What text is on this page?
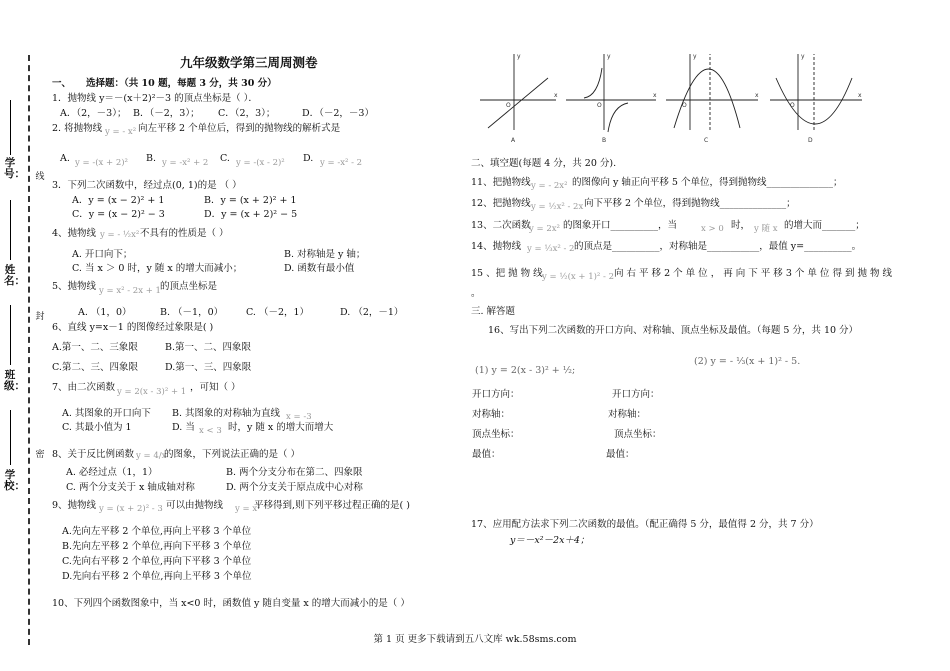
线
封
密
学号：
姓名：
班级：
学校：
九年级数学第三周周测卷
一、 选择题：（共 10 题，每题 3 分，共 30 分）
1．抛物线 y＝－(x＋2)²－3 的顶点坐标是（ ）．
A．（2，－3）； B．（－2，3）； C．（2，3）；	D．（－2，－3）
2. 将抛物线 y = - x² 向左平移 2 个单位后，得到的抛物线的解析式是
A. y = -(x + 2)² B. y = -x² + 2 C. y = -(x - 2)² D. y = -x² - 2
3．下列二次函数中，经过点(0, 1)的是 （ ）
A．y = (x − 2)² + 1	B．y = (x + 2)² + 1
C．y = (x − 2)² − 3	D．y = (x + 2)² − 5
4、抛物线 y = - ½x² 不具有的性质是（ ）
A. 开口向下；	B. 对称轴是 y 轴；
C. 当 x ＞ 0 时，y 随 x 的增大而减小；	D. 函数有最小值
5、抛物线 y = x² - 2x + 1 的顶点坐标是
A. （1，0）	B. （－1，0） C. （－2，1）	D. （2，－1）
6、直线 y=x－1 的图像经过象限是( )
A.第一、二、三象限	B.第一、二、四象限
C.第二、三、四象限	D.第一、三、四象限
7、由二次函数 y = 2(x - 3)² + 1 ，可知（ ）
A. 其图象的开口向下 B. 其图象的对称轴为直线 x = -3
C. 其最小值为 1	D. 当 x < 3 时，y 随 x 的增大而增大
8、关于反比例函数 y = 4/x
的图象，下列说法正确的是（ ）
A. 必经过点（1，1）	B. 两个分支分布在第二、四象限
C. 两个分支关于 x 轴成轴对称	D. 两个分支关于原点成中心对称
9、抛物线 y = (x + 2)² - 3 可以由抛物线 y = x²
平移得到,则下列平移过程正确的是( )
A.先向左平移 2 个单位,再向上平移 3 个单位
B.先向左平移 2 个单位,再向下平移 3 个单位
C.先向右平移 2 个单位,再向下平移 3 个单位
D.先向右平移 2 个单位,再向上平移 3 个单位
10、下列四个函数图象中，当 x<0 时，函数值 y 随自变量 x 的增大而减小的是（ ）
O
x
y
O
x
y
O
x
y
O
x
y
A	B	C	D
二、填空题(每题 4 分，共 20 分).
11、把抛物线 y = - 2x² 的图像向 y 轴正向平移 5 个单位，得到抛物线______________；
12、把抛物线 y = ½x² - 2x 向下平移 2 个单位，得到抛物线______________；
13、二次函数
y = 2x² 的图象开口__________，当	x > 0 时， y 随 x 的增大而_______；
14、抛物线 y = ⅓x² - 2 的顶点是__________，对称轴是___________，最值 y=__________。
15 、把 抛 物 线 y = ½(x + 1)² - 2 向 右 平 移 2 个 单 位 ， 再 向 下 平 移 3 个 单 位 得 到 抛 物 线
。
三. 解答题
16、写出下列二次函数的开口方向、对称轴、顶点坐标及最值。（每题 5 分，共 10 分）
(1) y = 2(x - 3)² + ½;
(2) y = - ⅓(x + 1)² - 5.
开口方向：
对称轴：
顶点坐标：
最值：
开口方向：
对称轴：
顶点坐标：
最值：
17、应用配方法求下列二次函数的最值。（配正确得 5 分，最值得 2 分，共 7 分）
y＝－x²－2x＋4；
第 1 页 更多下载请到五八文库 wk.58sms.com
